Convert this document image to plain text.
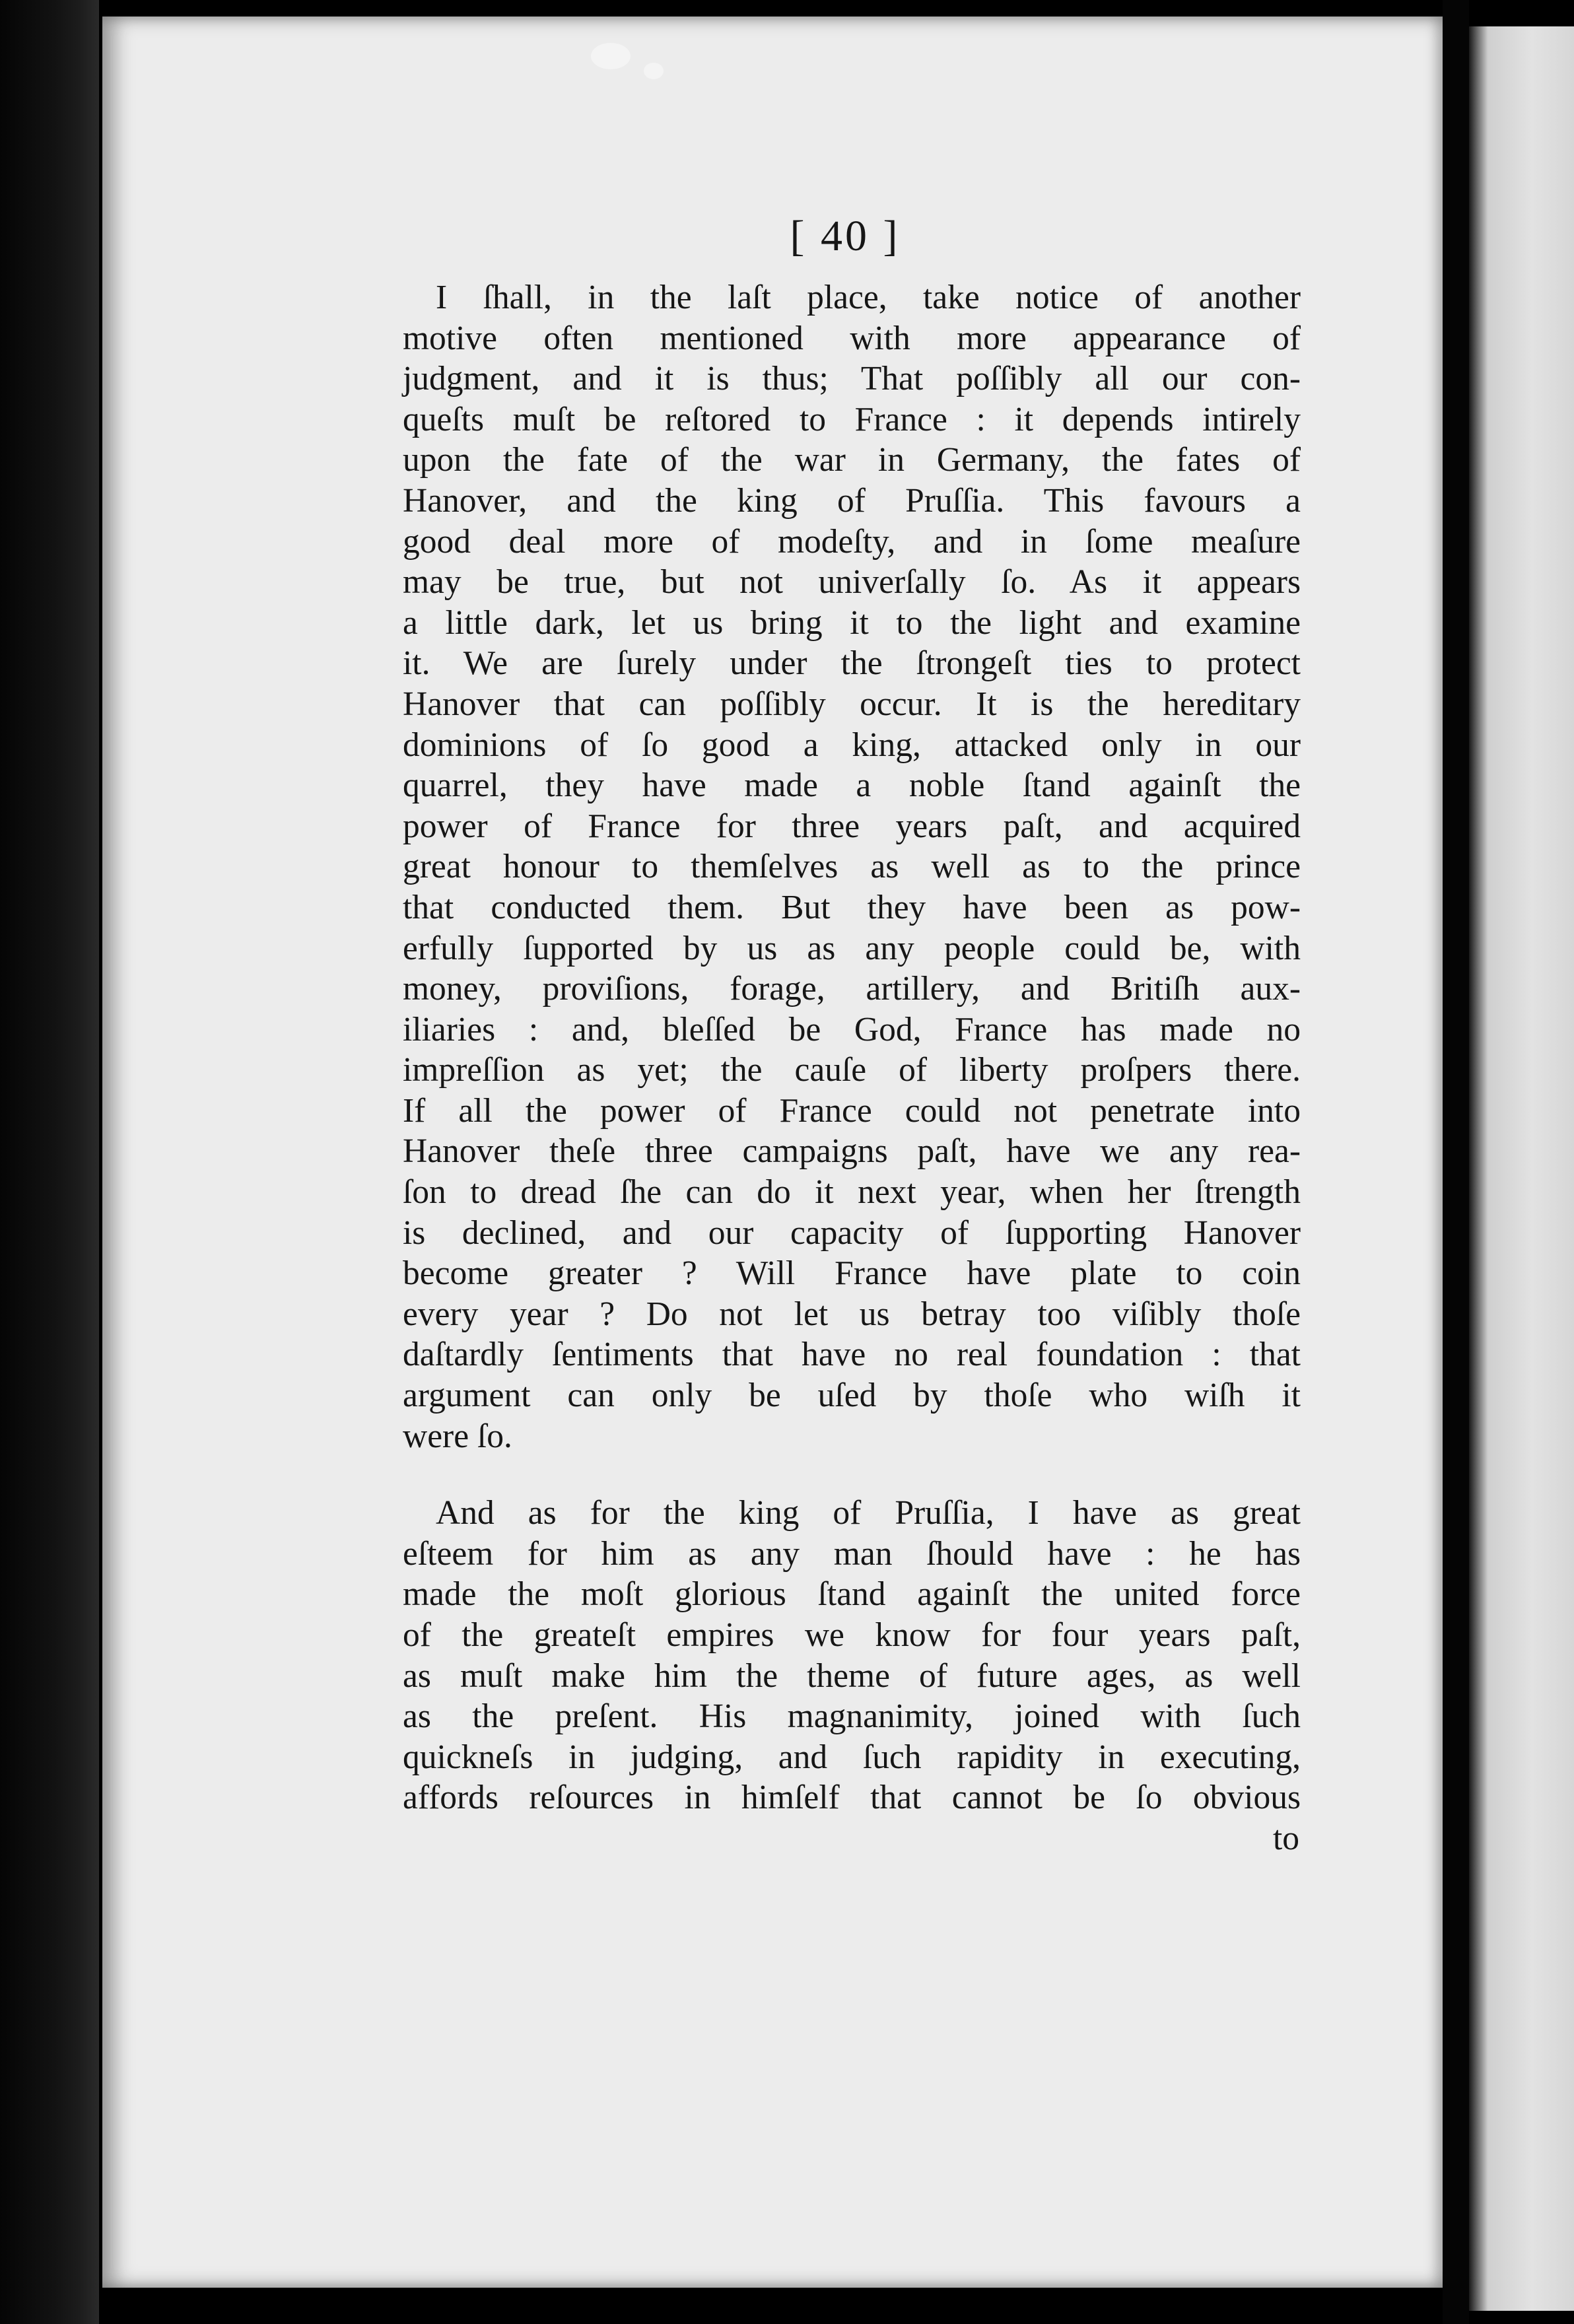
[ 40 ]
I ſhall, in the laſt place, take notice of another
motive often mentioned with more appearance of
judgment, and it is thus; That poſſibly all our con-
queſts muſt be reſtored to France : it depends intirely
upon the fate of the war in Germany, the fates of
Hanover, and the king of Pruſſia. This favours a
good deal more of modeſty, and in ſome meaſure
may be true, but not univerſally ſo. As it appears
a little dark, let us bring it to the light and examine
it. We are ſurely under the ſtrongeſt ties to protect
Hanover that can poſſibly occur. It is the hereditary
dominions of ſo good a king, attacked only in our
quarrel, they have made a noble ſtand againſt the
power of France for three years paſt, and acquired
great honour to themſelves as well as to the prince
that conducted them. But they have been as pow-
erfully ſupported by us as any people could be, with
money, proviſions, forage, artillery, and Britiſh aux-
iliaries : and, bleſſed be God, France has made no
impreſſion as yet; the cauſe of liberty proſpers there.
If all the power of France could not penetrate into
Hanover theſe three campaigns paſt, have we any rea-
ſon to dread ſhe can do it next year, when her ſtrength
is declined, and our capacity of ſupporting Hanover
become greater ? Will France have plate to coin
every year ? Do not let us betray too viſibly thoſe
daſtardly ſentiments that have no real foundation : that
argument can only be uſed by thoſe who wiſh it
were ſo.
And as for the king of Pruſſia, I have as great
eſteem for him as any man ſhould have : he has
made the moſt glorious ſtand againſt the united force
of the greateſt empires we know for four years paſt,
as muſt make him the theme of future ages, as well
as the preſent. His magnanimity, joined with ſuch
quickneſs in judging, and ſuch rapidity in executing,
affords reſources in himſelf that cannot be ſo obvious
to
